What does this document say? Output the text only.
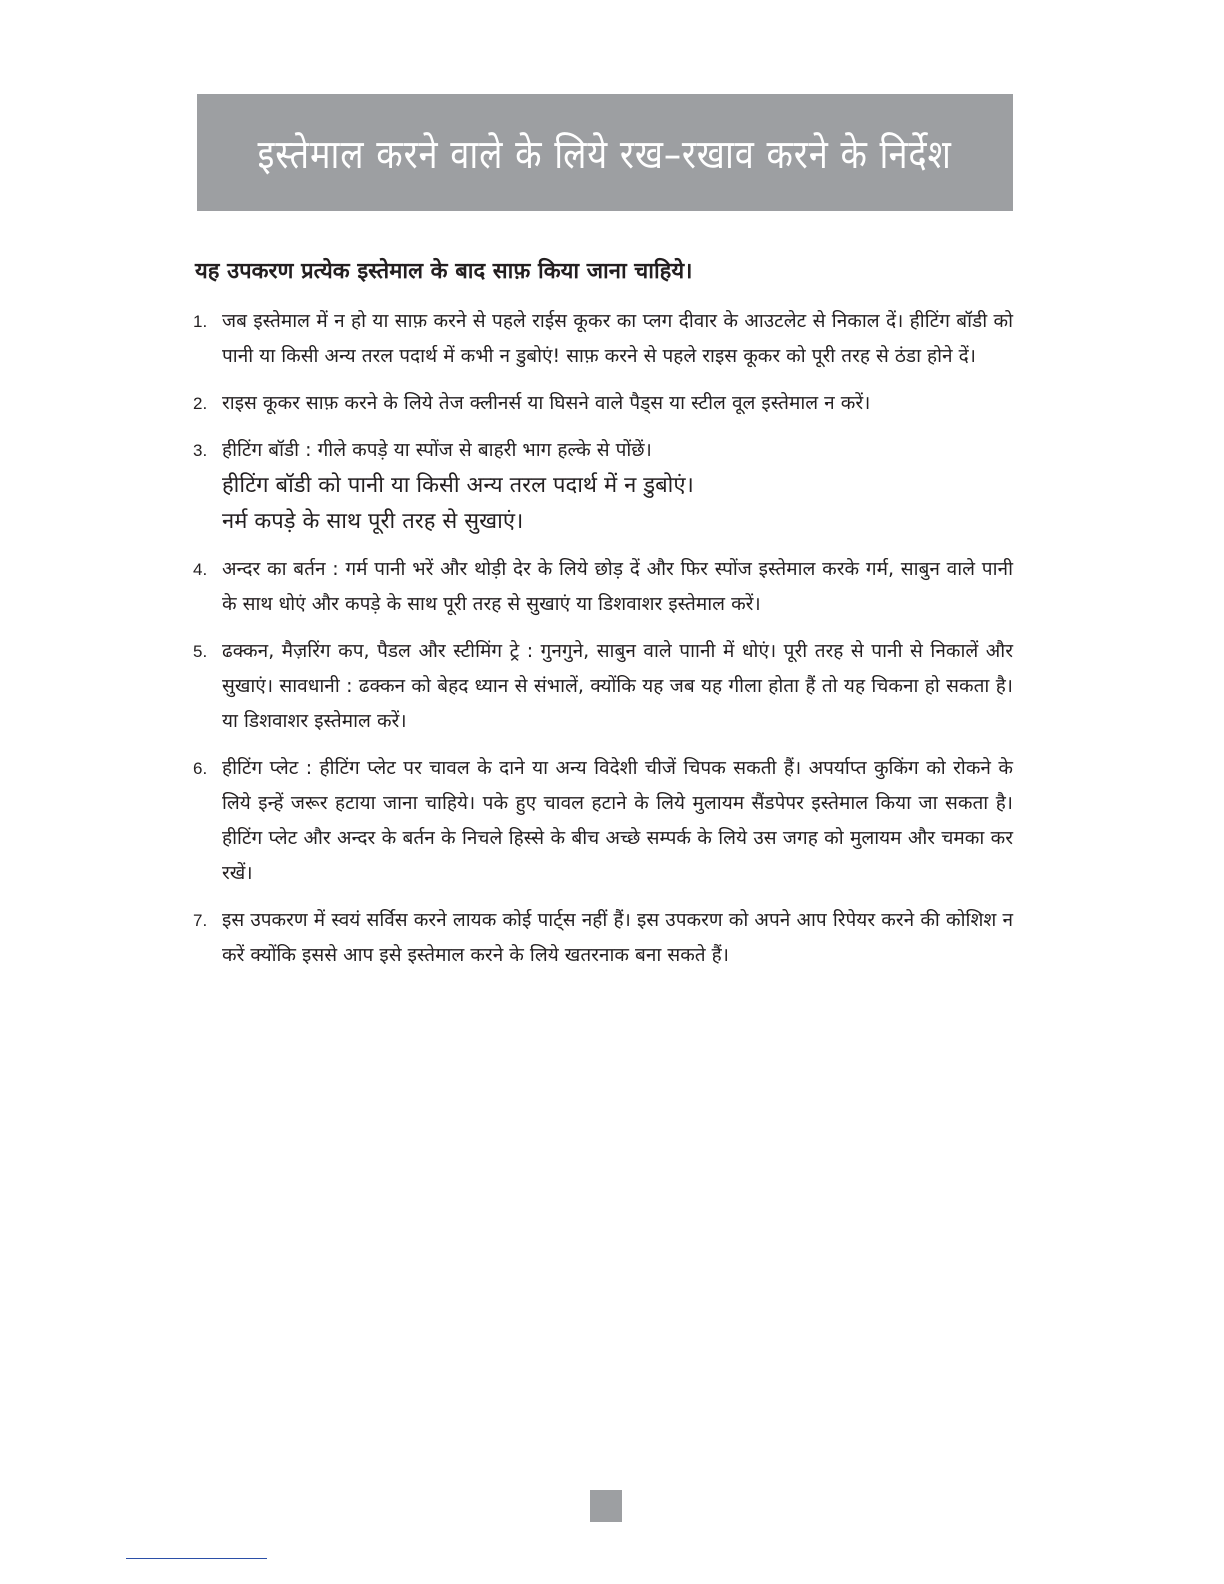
इस्तेमाल करने वाले के लिये रख–रखाव करने के निर्देश
यह उपकरण प्रत्येक इस्तेमाल के बाद साफ़ किया जाना चाहिये।
1. जब इस्तेमाल में न हो या साफ़ करने से पहले राईस कूकर का प्लग दीवार के आउटलेट से निकाल दें। हीटिंग बॉडी को पानी या किसी अन्य तरल पदार्थ में कभी न डुबोएं! साफ़ करने से पहले राइस कूकर को पूरी तरह से ठंडा होने दें।
2. राइस कूकर साफ़ करने के लिये तेज क्लीनर्स या घिसने वाले पैड्स या स्टील वूल इस्तेमाल न करें।
3. हीटिंग बॉडी : गीले कपड़े या स्पोंज से बाहरी भाग हल्के से पोंछें।
हीटिंग बॉडी को पानी या किसी अन्य तरल पदार्थ में न डुबोएं।
नर्म कपड़े के साथ पूरी तरह से सुखाएं।
4. अन्दर का बर्तन : गर्म पानी भरें और थोड़ी देर के लिये छोड़ दें और फिर स्पोंज इस्तेमाल करके गर्म, साबुन वाले पानी के साथ धोएं और कपड़े के साथ पूरी तरह से सुखाएं या डिशवाशर इस्तेमाल करें।
5. ढक्कन, मैज़रिंग कप, पैडल और स्टीमिंग ट्रे : गुनगुने, साबुन वाले पाानी में धोएं। पूरी तरह से पानी से निकालें और सुखाएं। सावधानी : ढक्कन को बेहद ध्यान से संभालें, क्योंकि यह जब यह गीला होता हैं तो यह चिकना हो सकता है। या डिशवाशर इस्तेमाल करें।
6. हीटिंग प्लेट : हीटिंग प्लेट पर चावल के दाने या अन्य विदेशी चीजें चिपक सकती हैं। अपर्याप्त कुकिंग को रोकने के लिये इन्हें जरूर हटाया जाना चाहिये। पके हुए चावल हटाने के लिये मुलायम सैंडपेपर इस्तेमाल किया जा सकता है। हीटिंग प्लेट और अन्दर के बर्तन के निचले हिस्से के बीच अच्छे सम्पर्क के लिये उस जगह को मुलायम और चमका कर रखें।
7. इस उपकरण में स्वयं सर्विस करने लायक कोई पार्ट्स नहीं हैं। इस उपकरण को अपने आप रिपेयर करने की कोशिश न करें क्योंकि इससे आप इसे इस्तेमाल करने के लिये खतरनाक बना सकते हैं।
